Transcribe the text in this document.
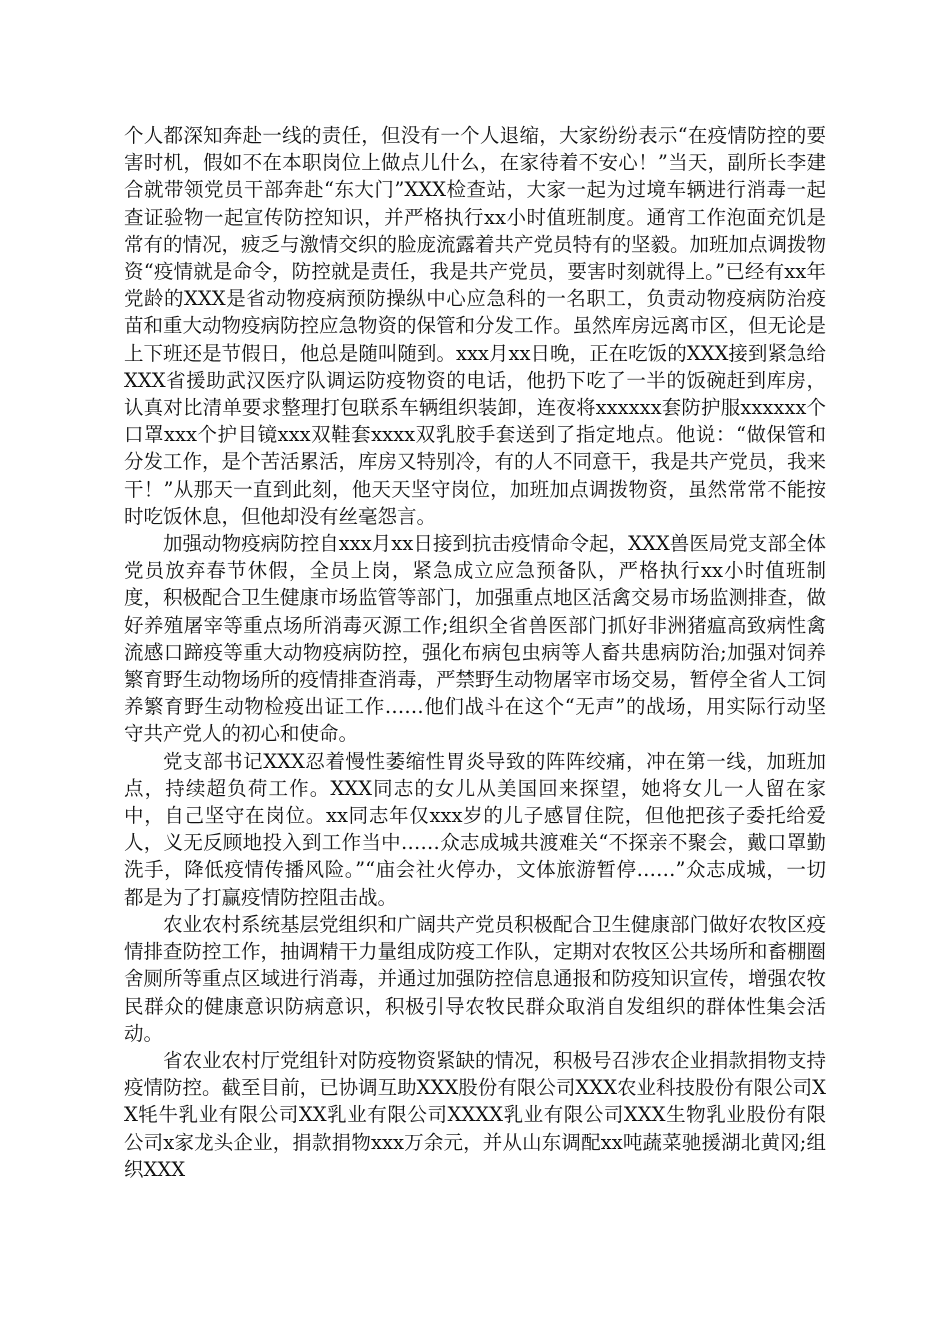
个人都深知奔赴一线的责任，但没有一个人退缩，大家纷纷表示“在疫情防控的要害时机，假如不在本职岗位上做点儿什么，在家待着不安心！”当天，副所长李建合就带领党员干部奔赴“东大门”XXX检查站，大家一起为过境车辆进行消毒一起查证验物一起宣传防控知识，并严格执行xx小时值班制度。通宵工作泡面充饥是常有的情况，疲乏与激情交织的脸庞流露着共产党员特有的坚毅。加班加点调拨物资“疫情就是命令，防控就是责任，我是共产党员，要害时刻就得上。”已经有xx年党龄的XXX是省动物疫病预防操纵中心应急科的一名职工，负责动物疫病防治疫苗和重大动物疫病防控应急物资的保管和分发工作。虽然库房远离市区，但无论是上下班还是节假日，他总是随叫随到。xxx月xx日晚，正在吃饭的XXX接到紧急给XXX省援助武汉医疗队调运防疫物资的电话，他扔下吃了一半的饭碗赶到库房，认真对比清单要求整理打包联系车辆组织装卸，连夜将xxxxxx套防护服xxxxxx个口罩xxx个护目镜xxx双鞋套xxxx双乳胶手套送到了指定地点。他说：“做保管和分发工作，是个苦活累活，库房又特别冷，有的人不同意干，我是共产党员，我来干！”从那天一直到此刻，他天天坚守岗位，加班加点调拨物资，虽然常常不能按时吃饭休息，但他却没有丝毫怨言。

加强动物疫病防控自xxx月xx日接到抗击疫情命令起，XXX兽医局党支部全体党员放弃春节休假，全员上岗，紧急成立应急预备队，严格执行xx小时值班制度，积极配合卫生健康市场监管等部门，加强重点地区活禽交易市场监测排查，做好养殖屠宰等重点场所消毒灭源工作;组织全省兽医部门抓好非洲猪瘟高致病性禽流感口蹄疫等重大动物疫病防控，强化布病包虫病等人畜共患病防治;加强对饲养繁育野生动物场所的疫情排查消毒，严禁野生动物屠宰市场交易，暂停全省人工饲养繁育野生动物检疫出证工作……他们战斗在这个“无声”的战场，用实际行动坚守共产党人的初心和使命。

党支部书记XXX忍着慢性萎缩性胃炎导致的阵阵绞痛，冲在第一线，加班加点，持续超负荷工作。XXX同志的女儿从美国回来探望，她将女儿一人留在家中，自己坚守在岗位。xx同志年仅xxx岁的儿子感冒住院，但他把孩子委托给爱人，义无反顾地投入到工作当中……众志成城共渡难关“不探亲不聚会，戴口罩勤洗手，降低疫情传播风险。”“庙会社火停办，文体旅游暂停……”众志成城，一切都是为了打赢疫情防控阻击战。

农业农村系统基层党组织和广阔共产党员积极配合卫生健康部门做好农牧区疫情排查防控工作，抽调精干力量组成防疫工作队，定期对农牧区公共场所和畜棚圈舍厕所等重点区域进行消毒，并通过加强防控信息通报和防疫知识宣传，增强农牧民群众的健康意识防病意识，积极引导农牧民群众取消自发组织的群体性集会活动。

省农业农村厅党组针对防疫物资紧缺的情况，积极号召涉农企业捐款捐物支持疫情防控。截至目前，已协调互助XXX股份有限公司XXX农业科技股份有限公司XX牦牛乳业有限公司XX乳业有限公司XXXX乳业有限公司XXX生物乳业股份有限公司x家龙头企业，捐款捐物xxx万余元，并从山东调配xx吨蔬菜驰援湖北黄冈;组织XXX
